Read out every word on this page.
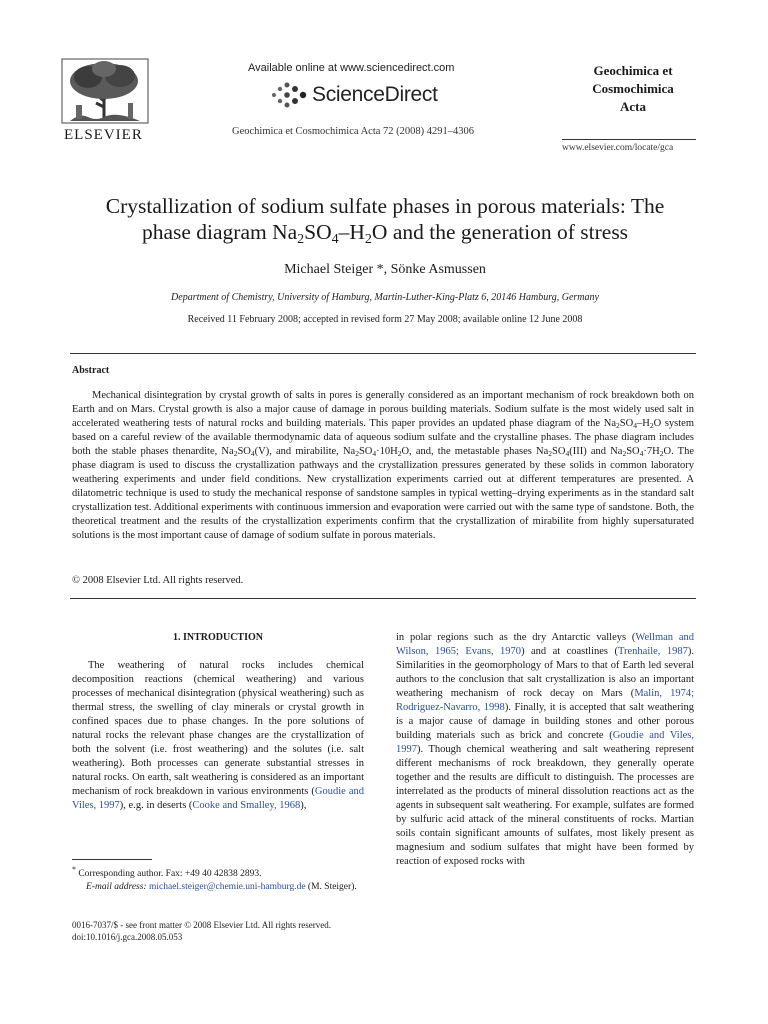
ELSEVIER
Available online at www.sciencedirect.com
ScienceDirect
Geochimica et Cosmochimica Acta 72 (2008) 4291–4306
Geochimica et
Cosmochimica
Acta
www.elsevier.com/locate/gca
Crystallization of sodium sulfate phases in porous materials: The
phase diagram $Na_2SO_4-H_2O$ and the generation of stress
Michael Steiger *, Sönke Asmussen
Department of Chemistry, University of Hamburg, Martin-Luther-King-Platz 6, 20146 Hamburg, Germany
Received 11 February 2008; accepted in revised form 27 May 2008; available online 12 June 2008
Abstract

Mechanical disintegration by crystal growth of salts in pores is generally considered as an important mechanism of rock breakdown both on Earth and on Mars. Crystal growth is also a major cause of damage in porous building materials. Sodium sulfate is the most widely used salt in accelerated weathering tests of natural rocks and building materials. This paper provides an updated phase diagram of the $Na_2SO_4-H_2O$ system based on a careful review of the available thermodynamic data of aqueous sodium sulfate and the crystalline phases. The phase diagram includes both the stable phases thenardite, $Na_2SO_4(V)$, and mirabilite, $Na_2SO_4\cdot 10H_2O$, and, the metastable phases $Na_2SO_4(III)$ and $Na_2SO_4\cdot 7H_2O$. The phase diagram is used to discuss the crystallization pathways and the crystallization pressures generated by these solids in common laboratory weathering experiments and under field conditions. New crystallization experiments carried out at different temperatures are presented. A dilatometric technique is used to study the mechanical response of sandstone samples in typical wetting–drying experiments as in the standard salt crystallization test. Additional experiments with continuous immersion and evaporation were carried out with the same type of sandstone. Both, the theoretical treatment and the results of the crystallization experiments confirm that the crystallization of mirabilite from highly supersaturated solutions is the most important cause of damage of sodium sulfate in porous materials.

© 2008 Elsevier Ltd. All rights reserved.
1. INTRODUCTION

The weathering of natural rocks includes chemical decomposition reactions (chemical weathering) and various processes of mechanical disintegration (physical weathering) such as thermal stress, the swelling of clay minerals or crystal growth in confined spaces due to phase changes. In the pore solutions of natural rocks the relevant phase changes are the crystallization of both the solvent (i.e. frost weathering) and the solutes (i.e. salt weathering). Both processes can generate substantial stresses in natural rocks. On earth, salt weathering is considered as an important mechanism of rock breakdown in various environments (Goudie and Viles, 1997), e.g. in deserts (Cooke and Smalley, 1968),

in polar regions such as the dry Antarctic valleys (Wellman and Wilson, 1965; Evans, 1970) and at coastlines (Trenhaile, 1987). Similarities in the geomorphology of Mars to that of Earth led several authors to the conclusion that salt crystallization is also an important weathering mechanism of rock decay on Mars (Malin, 1974; Rodriguez-Navarro, 1998). Finally, it is accepted that salt weathering is a major cause of damage in building stones and other porous building materials such as brick and concrete (Goudie and Viles, 1997). Though chemical weathering and salt weathering represent different mechanisms of rock breakdown, they generally operate together and the results are difficult to distinguish. The processes are interrelated as the products of mineral dissolution reactions act as the agents in subsequent salt weathering. For example, sulfates are formed by sulfuric acid attack of the mineral constituents of rocks. Martian soils contain significant amounts of sulfates, most likely present as magnesium and sodium sulfates that might have been formed by reaction of exposed rocks with

* Corresponding author. Fax: +49 40 42838 2893.
E-mail address: michael.steiger@chemie.uni-hamburg.de (M. Steiger).
0016-7037/$ - see front matter © 2008 Elsevier Ltd. All rights reserved.
doi:10.1016/j.gca.2008.05.053
